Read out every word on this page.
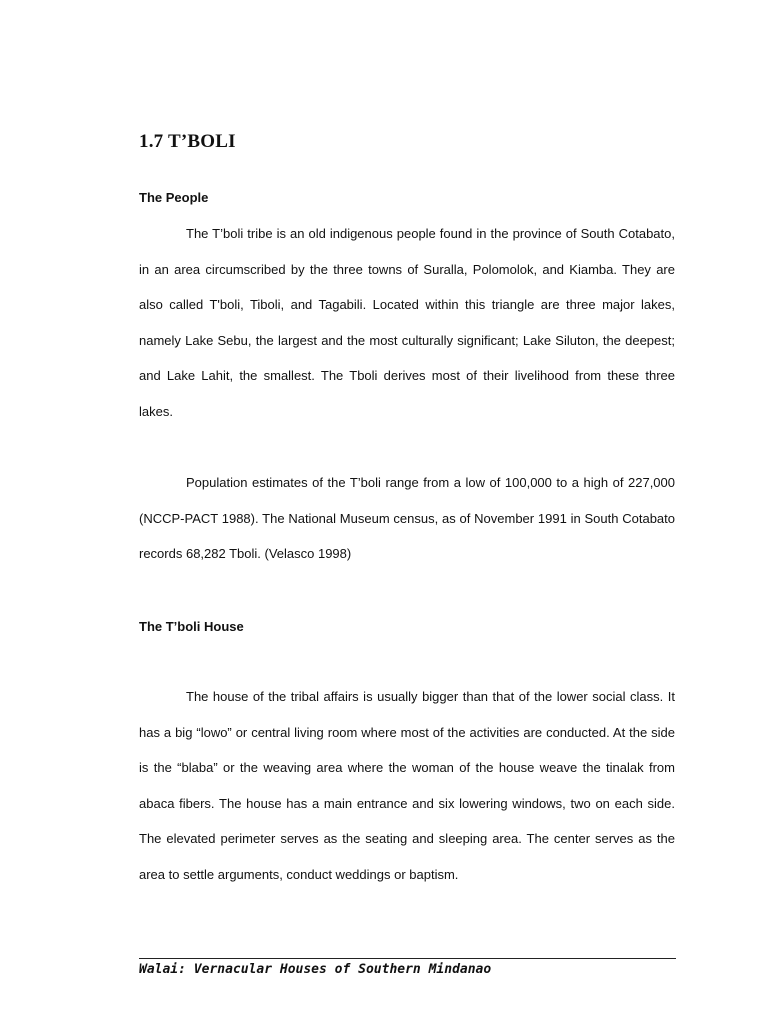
1.7 T’BOLI
The People

The T’boli tribe is an old indigenous people found in the province of South Cotabato, in an area circumscribed by the three towns of Suralla, Polomolok, and Kiamba. They are also called T'boli, Tiboli, and Tagabili. Located within this triangle are three major lakes, namely Lake Sebu, the largest and the most culturally significant; Lake Siluton, the deepest; and Lake Lahit, the smallest. The Tboli derives most of their livelihood from these three lakes.

Population estimates of the T’boli range from a low of 100,000 to a high of 227,000 (NCCP-PACT 1988). The National Museum census, as of November 1991 in South Cotabato records 68,282 Tboli. (Velasco 1998)

The T’boli House

The house of the tribal affairs is usually bigger than that of the lower social class. It has a big “lowo” or central living room where most of the activities are conducted. At the side is the “blaba” or the weaving area where the woman of the house weave the tinalak from abaca fibers. The house has a main entrance and six lowering windows, two on each side. The elevated perimeter serves as the seating and sleeping area. The center serves as the area to settle arguments, conduct weddings or baptism.

Walai: Vernacular Houses of Southern Mindanao
